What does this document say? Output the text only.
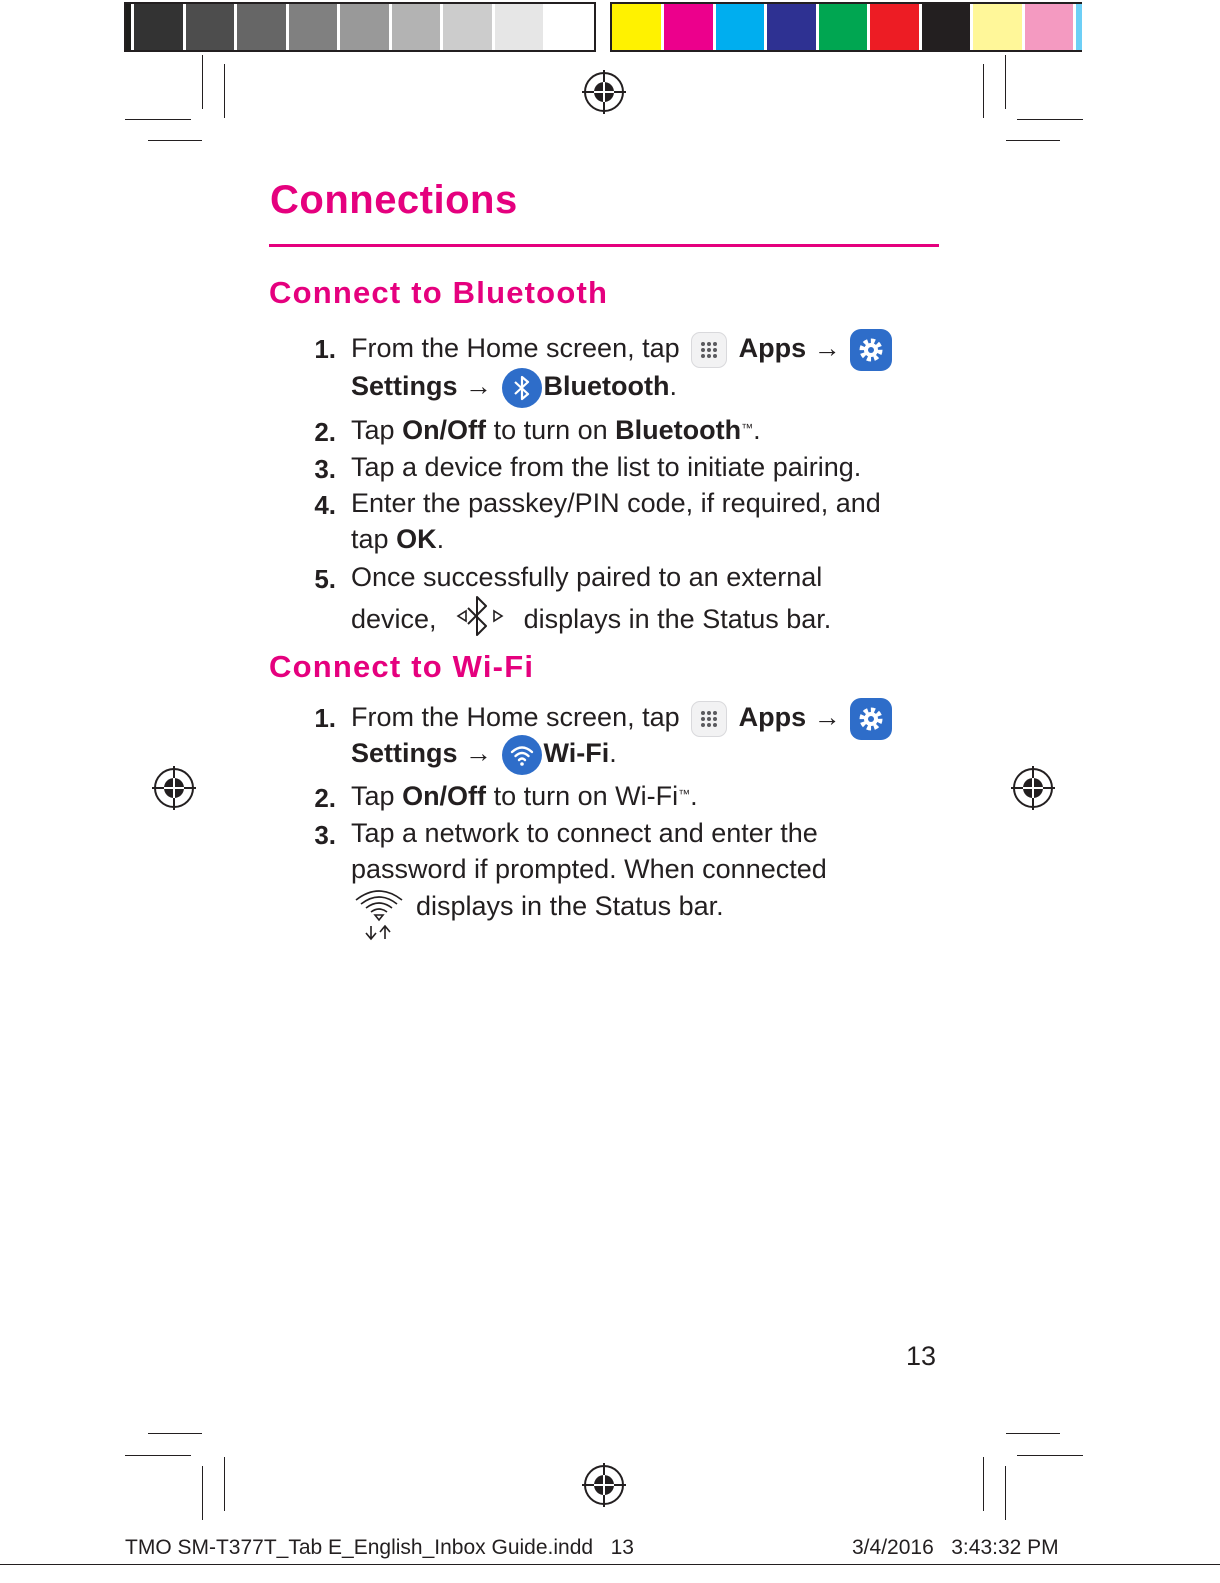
Connections
Connect to Bluetooth
1. From the Home screen, tap Apps →
Settings → Bluetooth.
2. Tap On/Off to turn on Bluetooth™.
3. Tap a device from the list to initiate pairing.
4. Enter the passkey/PIN code, if required, and
tap OK.
5. Once successfully paired to an external
device,	displays in the Status bar.
Connect to Wi-Fi
1. From the Home screen, tap Apps →
Settings → Wi-Fi.
2. Tap On/Off to turn on Wi-Fi™.
3. Tap a network to connect and enter the
password if prompted. When connected
displays in the Status bar.
13
TMO SM-T377T_Tab E_English_Inbox Guide.indd   13	3/4/2016   3:43:32 PM
